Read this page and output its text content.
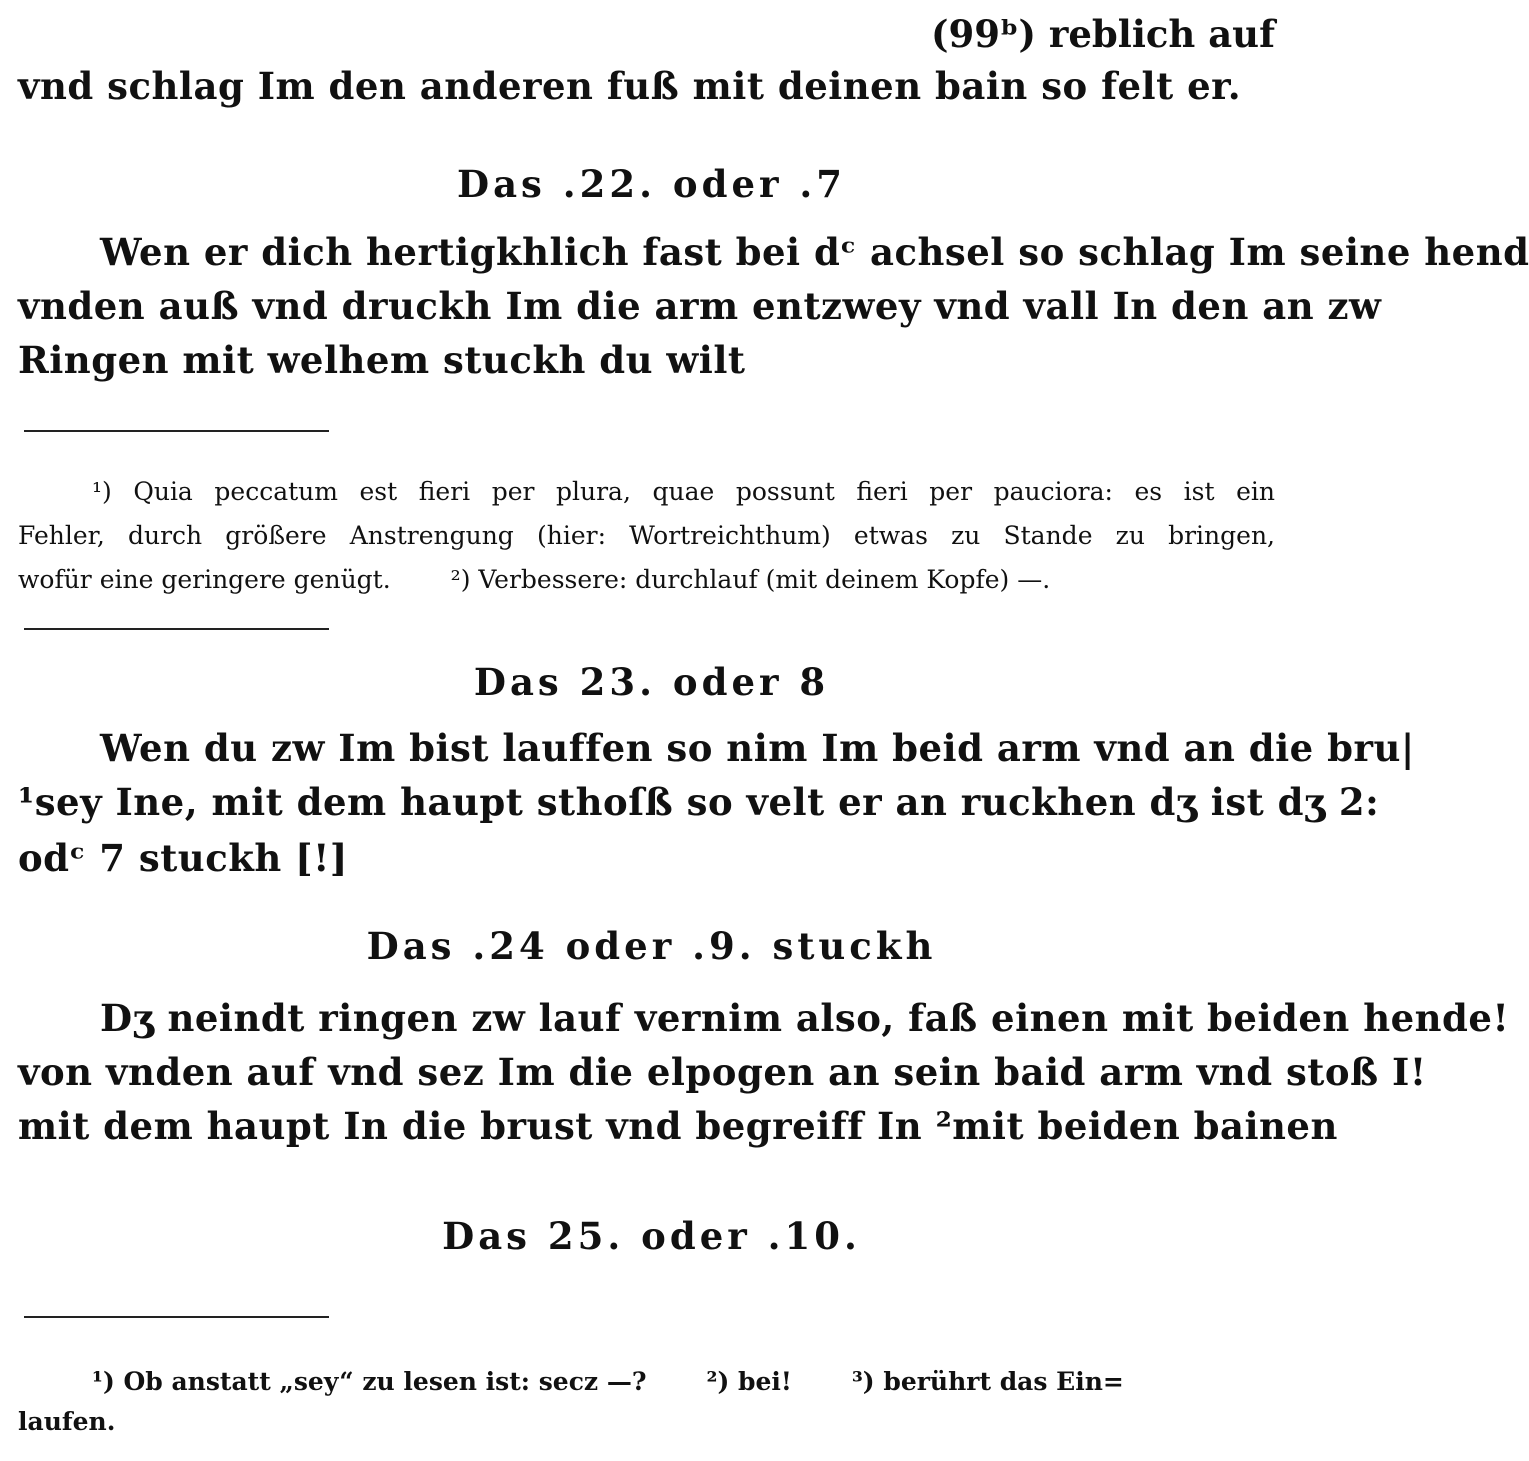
(99ᵇ) reblich auf
vnd schlag Im den anderen fuß mit deinen bain so felt er.
Das .22. oder .7
Wen er dich hertigkhlich fast bei dᶜ achsel so schlag Im seine hend
vnden auß vnd druckh Im die arm entzwey vnd vall In den an zw
Ringen mit welhem stuckh du wilt
¹) Quia peccatum est fieri per plura, quae possunt fieri per pauciora: es ist ein
Fehler, durch größere Anstrengung (hier: Wortreichthum) etwas zu Stande zu bringen,
wofür eine geringere genügt. ²) Verbessere: durchlauf (mit deinem Kopfe) —.
Das 23. oder 8
Wen du zw Im bist lauffen so nim Im beid arm vnd an die bru|
¹sey Ine, mit dem haupt sthoſß so velt er an ruckhen dʒ ist dʒ 2:
odᶜ 7 stuckh [!]
Das .24 oder .9. stuckh
Dʒ neindt ringen zw lauf vernim also, faß einen mit beiden hende!
von vnden auf vnd sez Im die elpogen an sein baid arm vnd stoß I!
mit dem haupt In die brust vnd begreiff In ²mit beiden bainen
Das 25. oder .10.
¹) Ob anstatt „sey“ zu lesen ist: secz —? ²) bei! ³) berührt das Ein=
laufen.
